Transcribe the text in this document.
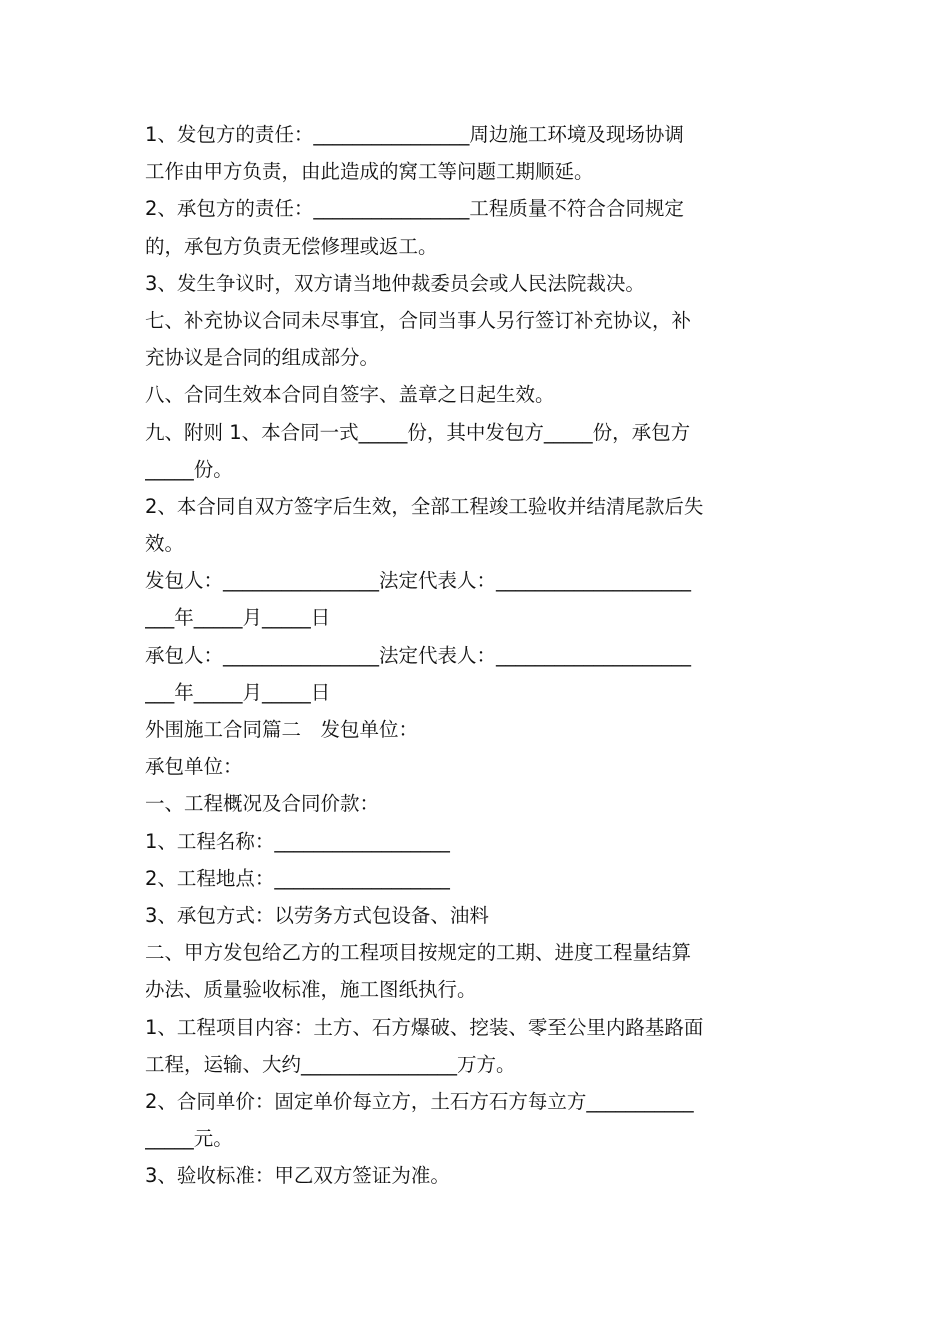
1、发包方的责任：________________周边施工环境及现场协调
工作由甲方负责，由此造成的窝工等问题工期顺延。
2、承包方的责任：________________工程质量不符合合同规定
的，承包方负责无偿修理或返工。
3、发生争议时，双方请当地仲裁委员会或人民法院裁决。
七、补充协议合同未尽事宜，合同当事人另行签订补充协议，补
充协议是合同的组成部分。
八、合同生效本合同自签字、盖章之日起生效。
九、附则 1、本合同一式_____份，其中发包方_____份，承包方
_____份。
2、本合同自双方签字后生效，全部工程竣工验收并结清尾款后失
效。
发包人：________________法定代表人：____________________
___年_____月_____日
承包人：________________法定代表人：____________________
___年_____月_____日
外围施工合同篇二　发包单位：
承包单位：
一、工程概况及合同价款：
1、工程名称：__________________
2、工程地点：__________________
3、承包方式：以劳务方式包设备、油料
二、甲方发包给乙方的工程项目按规定的工期、进度工程量结算
办法、质量验收标准，施工图纸执行。
1、工程项目内容：土方、石方爆破、挖装、零至公里内路基路面
工程，运输、大约________________万方。
2、合同单价：固定单价每立方，土石方石方每立方___________
_____元。
3、验收标准：甲乙双方签证为准。
